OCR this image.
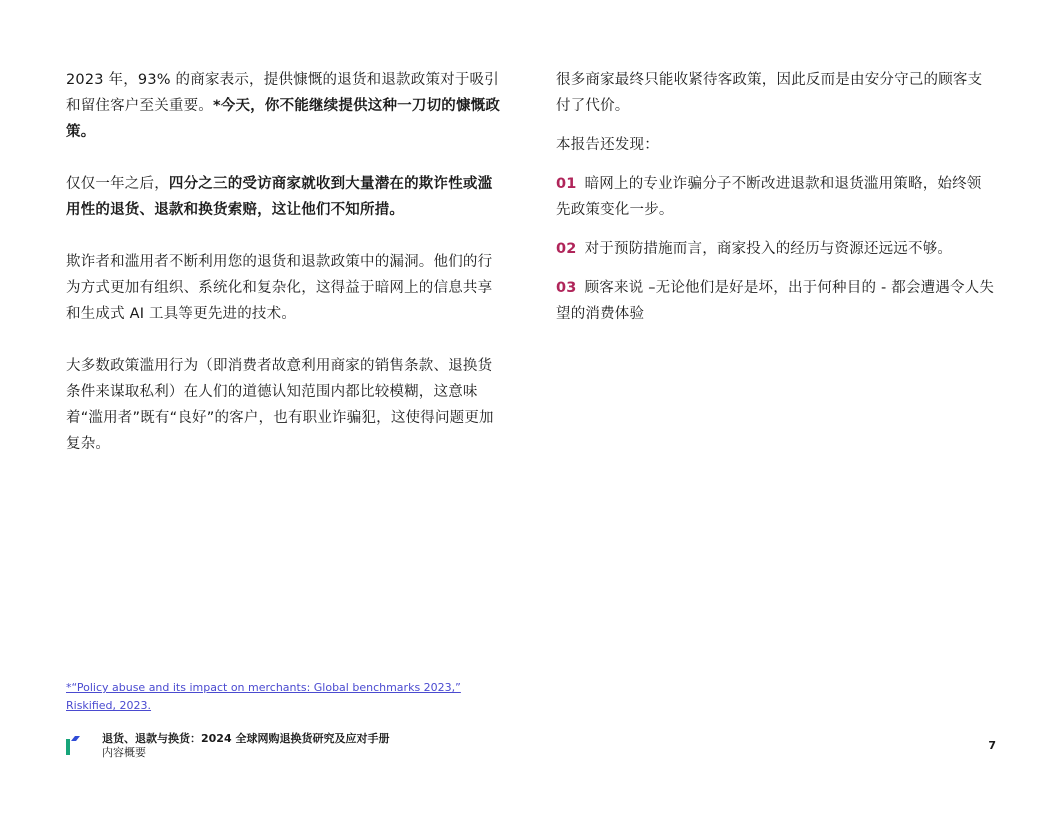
2023 年，93% 的商家表示，提供慷慨的退货和退款政策对于吸引和留住客户至关重要。*今天，你不能继续提供这种一刀切的慷慨政策。

仅仅一年之后，四分之三的受访商家就收到大量潜在的欺诈性或滥用性的退货、退款和换货索赔，这让他们不知所措。

欺诈者和滥用者不断利用您的退货和退款政策中的漏洞。他们的行为方式更加有组织、系统化和复杂化，这得益于暗网上的信息共享和生成式 AI 工具等更先进的技术。

大多数政策滥用行为（即消费者故意利用商家的销售条款、退换货条件来谋取私利）在人们的道德认知范围内都比较模糊，这意味着“滥用者”既有“良好”的客户，也有职业诈骗犯，这使得问题更加复杂。

很多商家最终只能收紧待客政策，因此反而是由安分守己的顾客支付了代价。

本报告还发现：

01 暗网上的专业诈骗分子不断改进退款和退货滥用策略，始终领先政策变化一步。

02 对于预防措施而言，商家投入的经历与资源还远远不够。

03 顾客来说 –无论他们是好是坏，出于何种目的 - 都会遭遇令人失望的消费体验

*“Policy abuse and its impact on merchants: Global benchmarks 2023,” Riskified, 2023.
退货、退款与换货：2024 全球网购退换货研究及应对手册
内容概要
7
